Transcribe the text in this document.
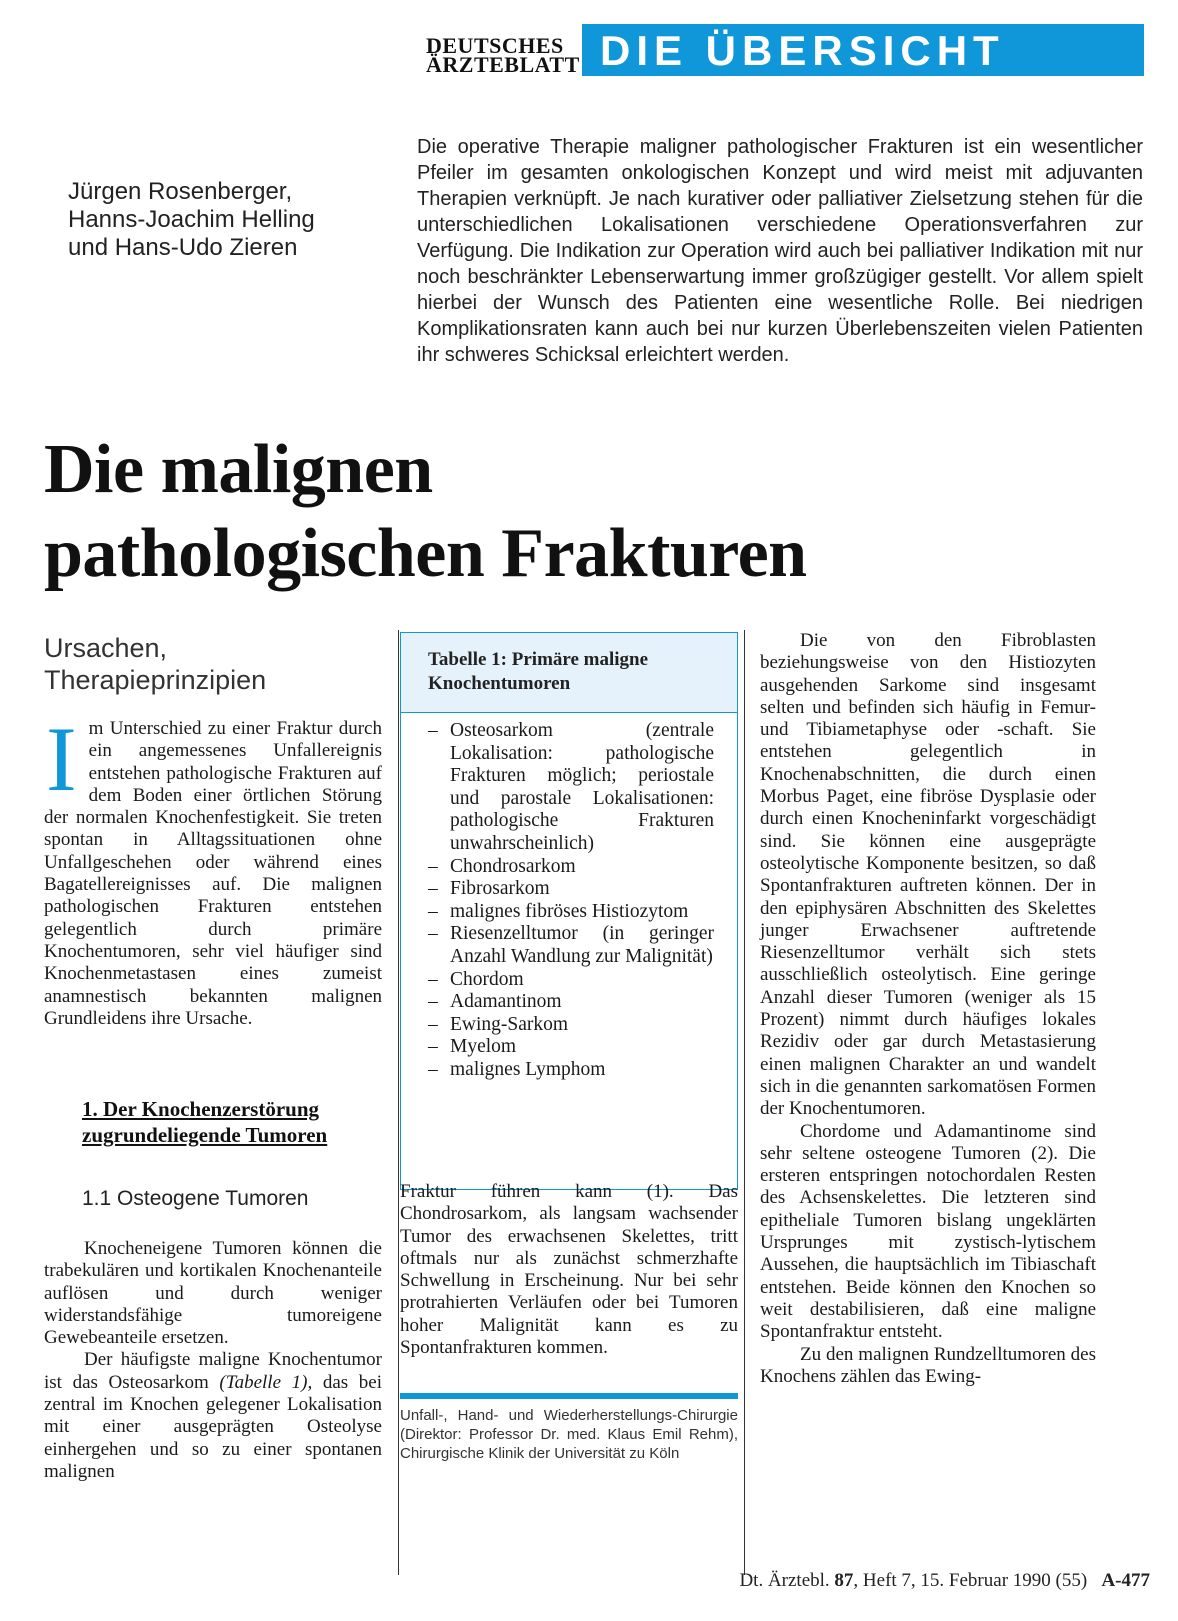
DEUTSCHES
ÄRZTEBLATT DIE ÜBERSICHT
Jürgen Rosenberger,
Hanns-Joachim Helling
und Hans-Udo Zieren
Die operative Therapie maligner pathologischer Frakturen ist ein wesentlicher Pfeiler im gesamten onkologischen Konzept und wird meist mit adjuvanten Therapien verknüpft. Je nach kurativer oder palliativer Zielsetzung stehen für die unterschiedlichen Lokalisationen verschiedene Operationsverfahren zur Verfügung. Die Indikation zur Operation wird auch bei palliativer Indikation mit nur noch beschränkter Lebenserwartung immer großzügiger gestellt. Vor allem spielt hierbei der Wunsch des Patienten eine wesentliche Rolle. Bei niedrigen Komplikationsraten kann auch bei nur kurzen Überlebenszeiten vielen Patienten ihr schweres Schicksal erleichtert werden.
Die malignen
pathologischen Frakturen
Ursachen,
Therapieprinzipien
Im Unterschied zu einer Fraktur durch ein angemessenes Unfallereignis entstehen pathologische Frakturen auf dem Boden einer örtlichen Störung der normalen Knochenfestigkeit. Sie treten spontan in Alltagssituationen ohne Unfallgeschehen oder während eines Bagatellereignisses auf. Die malignen pathologischen Frakturen entstehen gelegentlich durch primäre Knochentumoren, sehr viel häufiger sind Knochenmetastasen eines zumeist anamnestisch bekannten malignen Grundleidens ihre Ursache.
1. Der Knochenzerstörung zugrundeliegende Tumoren
1.1 Osteogene Tumoren

Knocheneigene Tumoren können die trabekulären und kortikalen Knochenanteile auflösen und durch weniger widerstandsfähige tumoreigene Gewebeanteile ersetzen.

Der häufigste maligne Knochentumor ist das Osteosarkom (Tabelle 1), das bei zentral im Knochen gelegener Lokalisation mit einer ausgeprägten Osteolyse einhergehen und so zu einer spontanen malignen

Tabelle 1: Primäre maligne Knochentumoren
– Osteosarkom (zentrale Lokalisation: pathologische Frakturen möglich; periostale und parostale Lokalisationen: pathologische Frakturen unwahrscheinlich)
– Chondrosarkom
– Fibrosarkom
– malignes fibröses Histiozytom
– Riesenzelltumor (in geringer Anzahl Wandlung zur Malignität)
– Chordom
– Adamantinom
– Ewing-Sarkom
– Myelom
– malignes Lymphom

Fraktur führen kann (1). Das Chondrosarkom, als langsam wachsender Tumor des erwachsenen Skelettes, tritt oftmals nur als zunächst schmerzhafte Schwellung in Erscheinung. Nur bei sehr protrahierten Verläufen oder bei Tumoren hoher Malignität kann es zu Spontanfrakturen kommen.

Unfall-, Hand- und Wiederherstellungs-Chirurgie (Direktor: Professor Dr. med. Klaus Emil Rehm), Chirurgische Klinik der Universität zu Köln

Die von den Fibroblasten beziehungsweise von den Histiozyten ausgehenden Sarkome sind insgesamt selten und befinden sich häufig in Femur- und Tibiametaphyse oder -schaft. Sie entstehen gelegentlich in Knochenabschnitten, die durch einen Morbus Paget, eine fibröse Dysplasie oder durch einen Knocheninfarkt vorgeschädigt sind. Sie können eine ausgeprägte osteolytische Komponente besitzen, so daß Spontanfrakturen auftreten können. Der in den epiphysären Abschnitten des Skelettes junger Erwachsener auftretende Riesenzelltumor verhält sich stets ausschließlich osteolytisch. Eine geringe Anzahl dieser Tumoren (weniger als 15 Prozent) nimmt durch häufiges lokales Rezidiv oder gar durch Metastasierung einen malignen Charakter an und wandelt sich in die genannten sarkomatösen Formen der Knochentumoren.

Chordome und Adamantinome sind sehr seltene osteogene Tumoren (2). Die ersteren entspringen notochordalen Resten des Achsenskelettes. Die letzteren sind epitheliale Tumoren bislang ungeklärten Ursprunges mit zystisch-lytischem Aussehen, die hauptsächlich im Tibiaschaft entstehen. Beide können den Knochen so weit destabilisieren, daß eine maligne Spontanfraktur entsteht.

Zu den malignen Rundzelltumoren des Knochens zählen das Ewing-

Dt. Ärztebl. 87, Heft 7, 15. Februar 1990 (55) A-477
